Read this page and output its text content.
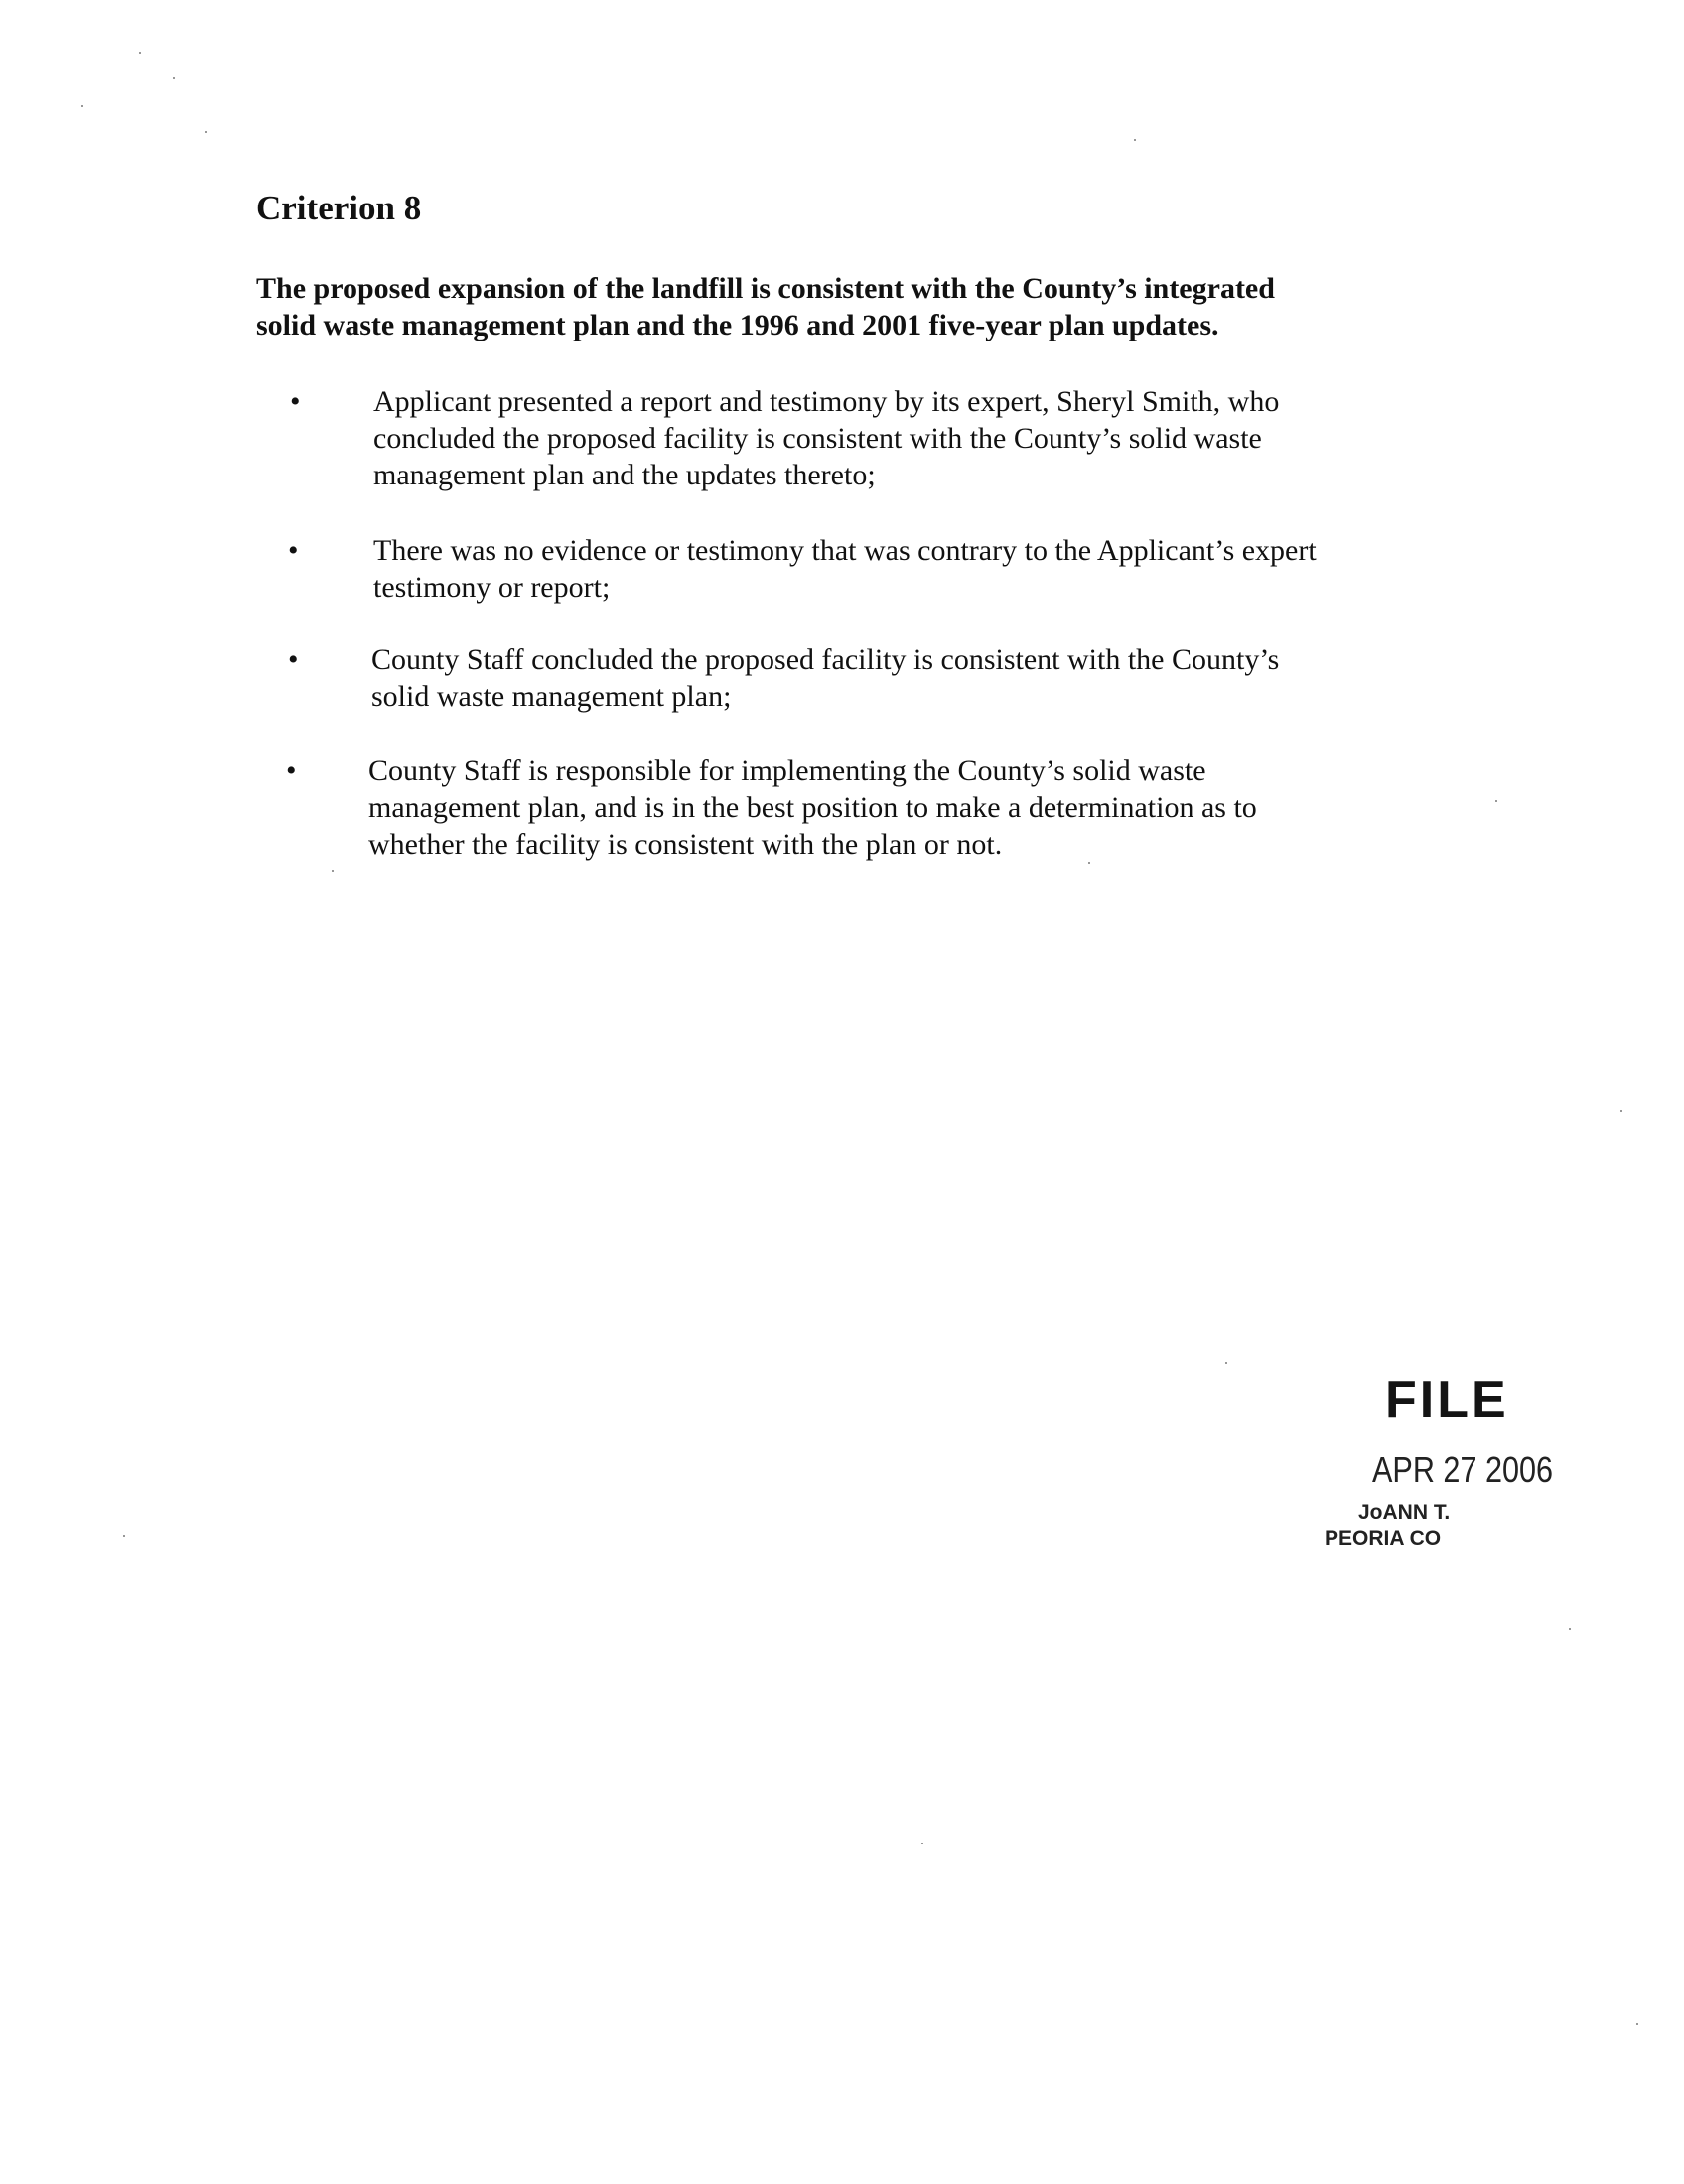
Criterion 8

The proposed expansion of the landfill is consistent with the County’s integrated
solid waste management plan and the 1996 and 2001 five-year plan updates.

• Applicant presented a report and testimony by its expert, Sheryl Smith, who
concluded the proposed facility is consistent with the County’s solid waste
management plan and the updates thereto;
•	There was no evidence or testimony that was contrary to the Applicant’s expert
testimony or report;
• County Staff concluded the proposed facility is consistent with the County’s
solid waste management plan;
• County Staff is responsible for implementing the County’s solid waste
management plan, and is in the best position to make a determination as to
whether the facility is consistent with the plan or not.
FILE
APR 27 2006
JoANN T.
PEORIA CO
